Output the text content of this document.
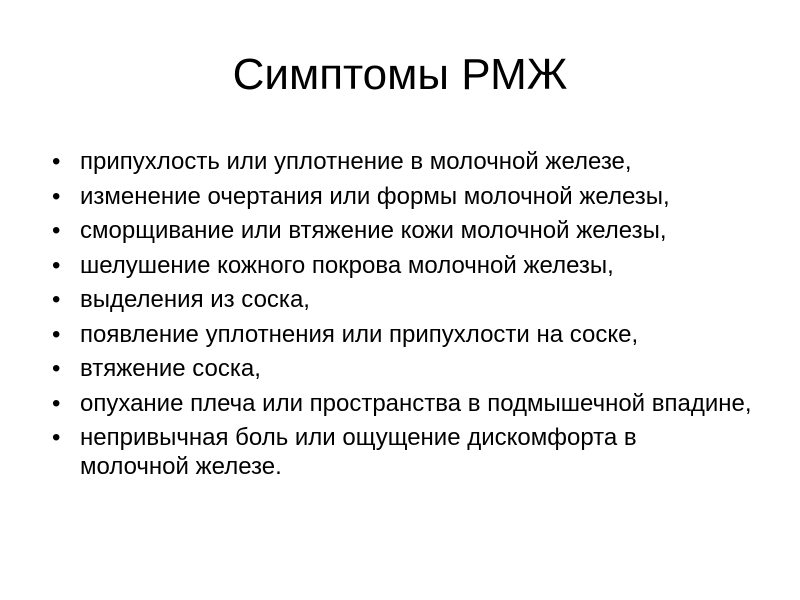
Симптомы РМЖ
• припухлость или уплотнение в молочной железе,
• изменение очертания или формы молочной железы,
• сморщивание или втяжение кожи молочной железы,
• шелушение кожного покрова молочной железы,
• выделения из соска,
• появление уплотнения или припухлости на соске,
• втяжение соска,
• опухание плеча или пространства в подмышечной впадине,
• непривычная боль или ощущение дискомфорта в молочной железе.
